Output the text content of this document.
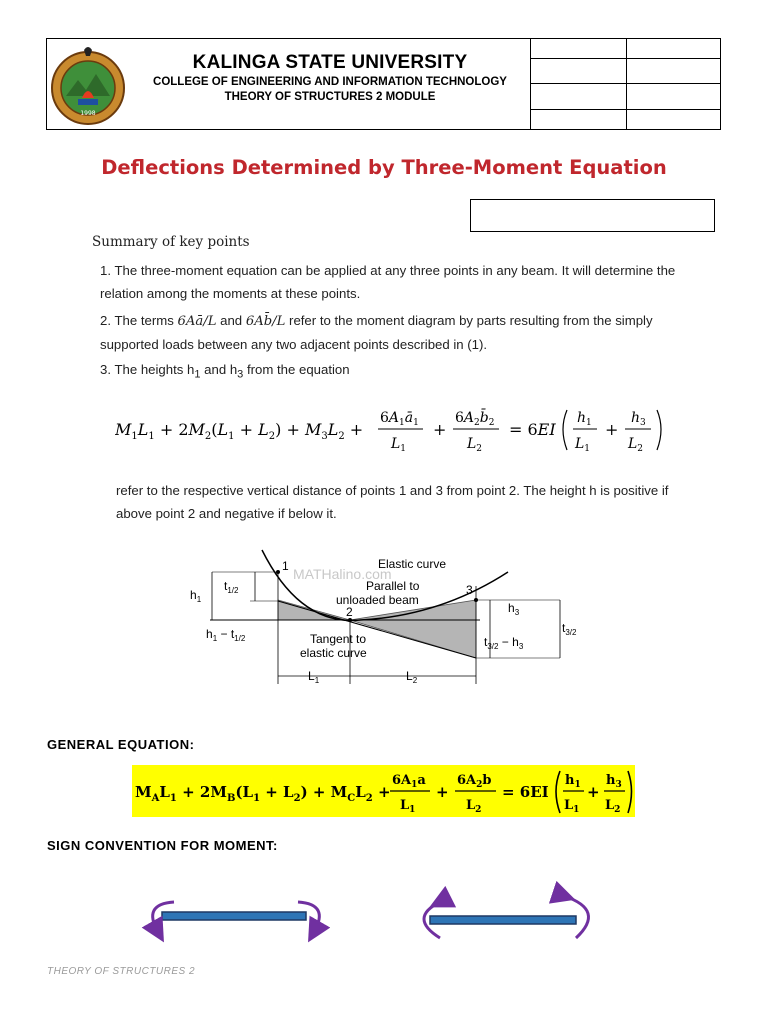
1998
KALINGA STATE UNIVERSITY
COLLEGE OF ENGINEERING AND INFORMATION TECHNOLOGY
THEORY OF STRUCTURES 2 MODULE

Deflections Determined by Three-Moment Equation
Summary of key points
1. The three-moment equation can be applied at any three points in any beam. It will determine the relation among the moments at these points.
2. The terms 6Aā/L and 6Ab̄/L refer to the moment diagram by parts resulting from the simply supported loads between any two adjacent points described in (1).
3. The heights $h_1$ and $h_3$ from the equation
$M_1L_1 + 2M_2(L_1 + L_2) + M_3L_2$ +
$6A_1ā_1$
$L_1$
+
$6A_2b̄_2$
$L_2$
= 6EI
$h_1$
$L_1$
+
$h_3$
$L_2$
refer to the respective vertical distance of points 1 and 3 from point 2. The height h is positive if above point 2 and negative if below it.
MATHalino.com
1
2
3
Elastic curve
Parallel to
unloaded beam
Tangent to
elastic curve
$h_1$
$t_{1/2}$
$h_1 - t_{1/2}$
$h_3$
$t_{3/2}$
$t_{3/2} - h_3$
$L_1$	$L_2$
GENERAL EQUATION:
$M_AL_1 + 2M_B(L_1 + L_2) + M_CL_2$ +
$6A_1a$
$L_1$
+
$6A_2b$
$L_2$
= 6EI
$h_1$
$L_1$
+
$h_3$
$L_2$
SIGN CONVENTION FOR MOMENT:
THEORY OF STRUCTURES 2
